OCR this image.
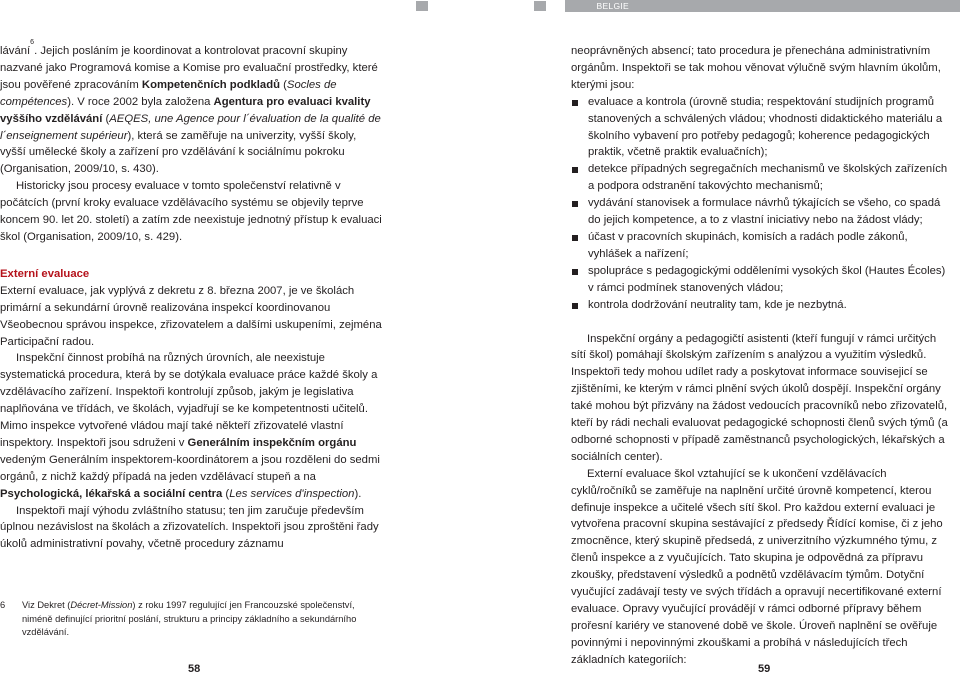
BELGIE

lávání$^6$. Jejich posláním je koordinovat a kontrolovat pracovní skupiny nazvané jako Programová komise a Komise pro evaluační prostředky, které jsou pověřené zpracováním Kompetenčních podkladů (Socles de compétences). V roce 2002 byla založena Agentura pro evaluaci kvality vyššího vzdělávání (AEQES, une Agence pour l´évaluation de la qualité de l´enseignement supérieur), která se zaměřuje na univerzity, vyšší školy, vyšší umělecké školy a zařízení pro vzdělávání k sociálnímu pokroku (Organisation, 2009/10, s. 430).

Historicky jsou procesy evaluace v tomto společenství relativně v počátcích (první kroky evaluace vzdělávacího systému se objevily teprve koncem 90. let 20. století) a zatím zde neexistuje jednotný přístup k evaluaci škol (Organisation, 2009/10, s. 429).

Externí evaluace

Externí evaluace, jak vyplývá z dekretu z 8. března 2007, je ve školách primární a sekundární úrovně realizována inspekcí koordinovanou Všeobecnou správou inspekce, zřizovatelem a dalšími uskupeními, zejména Participační radou.

Inspekční činnost probíhá na různých úrovních, ale neexistuje systematická procedura, která by se dotýkala evaluace práce každé školy a vzdělávacího zařízení. Inspektoři kontrolují způsob, jakým je legislativa naplňována ve třídách, ve školách, vyjadřují se ke kompetentnosti učitelů. Mimo inspekce vytvořené vládou mají také někteří zřizovatelé vlastní inspektory. Inspektoři jsou sdruženi v Generálním inspekčním orgánu vedeným Generálním inspektorem-koordinátorem a jsou rozděleni do sedmi orgánů, z nichž každý případá na jeden vzdělávací stupeň a na Psychologická, lékařská a sociální centra (Les services d'inspection).

Inspektoři mají výhodu zvláštního statusu; ten jim zaručuje především úplnou nezávislost na školách a zřizovatelích. Inspektoři jsou zproštěni řady úkolů administrativní povahy, včetně procedury záznamu

6 Viz Dekret (Décret-Mission) z roku 1997 regulující jen Francouzské společenství, niméně definující prioritní poslání, strukturu a principy základního a sekundárního vzdělávání.

neoprávněných absencí; tato procedura je přenechána administrativním orgánům. Inspektoři se tak mohou věnovat výlučně svým hlavním úkolům, kterými jsou:

evaluace a kontrola (úrovně studia; respektování studijních programů stanovených a schválených vládou; vhodnosti didaktického materiálu a školního vybavení pro potřeby pedagogů; koherence pedagogických praktik, včetně praktik evaluačních);
detekce případných segregačních mechanismů ve školských zařízeních a podpora odstranění takovýchto mechanismů;
vydávání stanovisek a formulace návrhů týkajících se všeho, co spadá do jejich kompetence, a to z vlastní iniciativy nebo na žádost vlády;
účast v pracovních skupinách, komisích a radách podle zákonů, vyhlášek a nařízení;
spolupráce s pedagogickými odděleními vysokých škol (Hautes Écoles) v rámci podmínek stanovených vládou;
kontrola dodržování neutrality tam, kde je nezbytná.

Inspekční orgány a pedagogičtí asistenti (kteří fungují v rámci určitých sítí škol) pomáhají školským zařízením s analýzou a využitím výsledků. Inspektoři tedy mohou udílet rady a poskytovat informace souvisejicí se zjištěními, ke kterým v rámci plnění svých úkolů dospějí. Inspekční orgány také mohou být přizvány na žádost vedoucích pracovníků nebo zřizovatelů, kteří by rádi nechali evaluovat pedagogické schopnosti členů svých týmů (a odborné schopnosti v případě zaměstnanců psychologických, lékařských a sociálních center).

Externí evaluace škol vztahující se k ukončení vzdělávacích cyklů/ročníků se zaměřuje na naplnění určité úrovně kompetencí, kterou definuje inspekce a učitelé všech sítí škol. Pro každou externí evaluaci je vytvořena pracovní skupina sestávající z předsedy Řídící komise, či z jeho zmocněnce, který skupině předsedá, z univerzitního výzkumného týmu, z členů inspekce a z vyučujících. Tato skupina je odpovědná za přípravu zkoušky, představení výsledků a podnětů vzdělávacím týmům. Dotyční vyučující zadávají testy ve svých třídách a opravují necertifikované externí evaluace. Opravy vyučující provádějí v rámci odborné přípravy během prořesní kariéry ve stanovené době ve škole. Úroveň naplnění se ověřuje povinnými i nepovinnými zkouškami a probíhá v následujících třech základních kategoriích:

58	59
